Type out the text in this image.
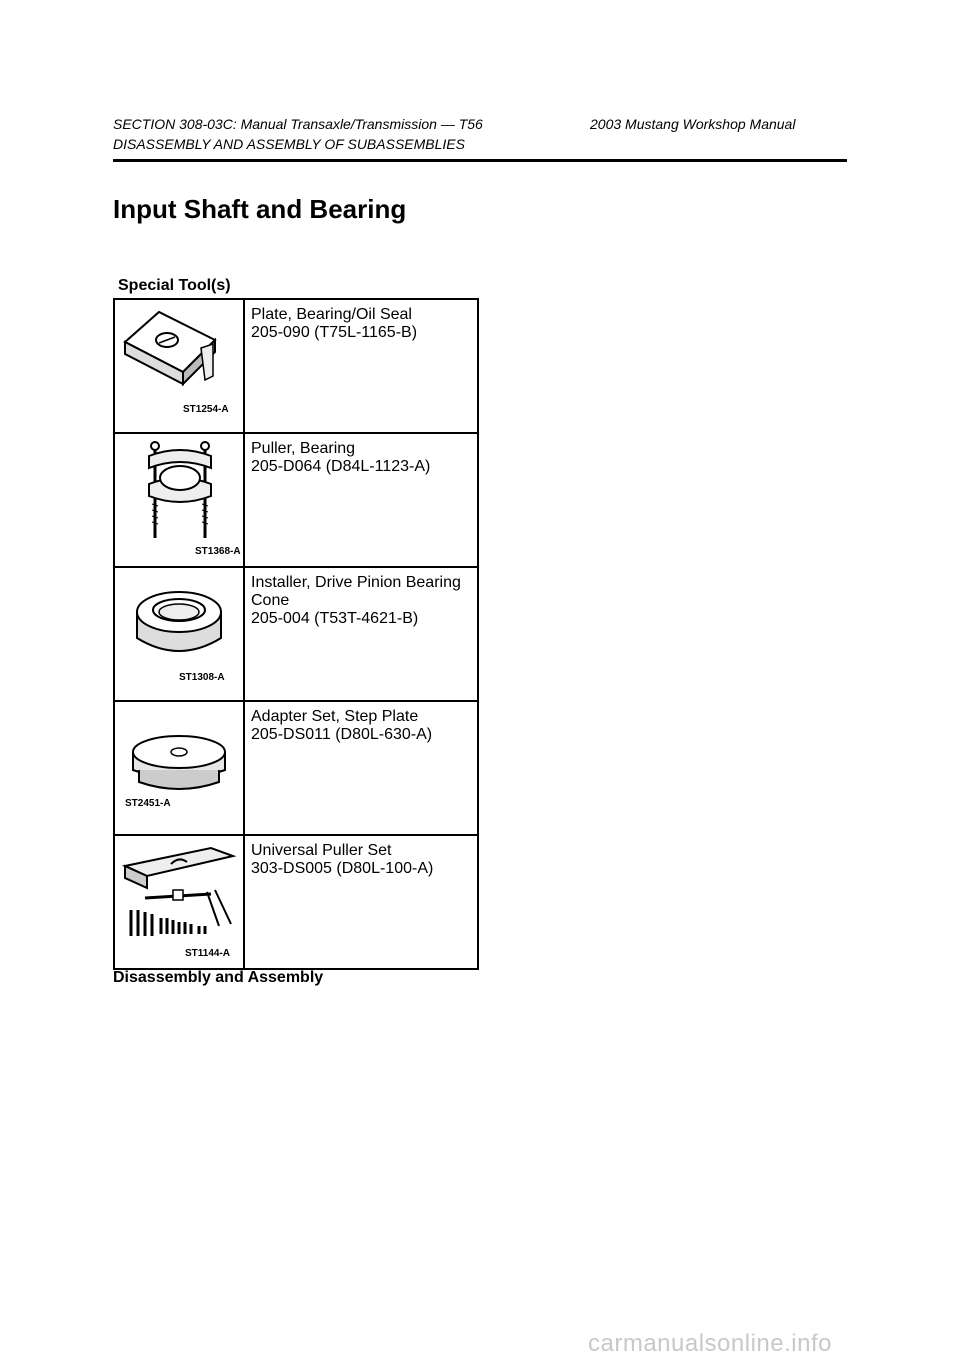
SECTION 308-03C: Manual Transaxle/Transmission — T56	2003 Mustang Workshop Manual
DISASSEMBLY AND ASSEMBLY OF SUBASSEMBLIES
Input Shaft and Bearing
Special Tool(s)
ST1254-A	Plate, Bearing/Oil Seal
205-090 (T75L-1165-B)

ST1368-A	Puller, Bearing
205-D064 (D84L-1123-A)

ST1308-A	Installer, Drive Pinion Bearing
Cone
205-004 (T53T-4621-B)

ST2451-A	Adapter Set, Step Plate
205-DS011 (D80L-630-A)

ST1144-A	Universal Puller Set
303-DS005 (D80L-100-A)
Disassembly and Assembly
carmanualsonline.info
